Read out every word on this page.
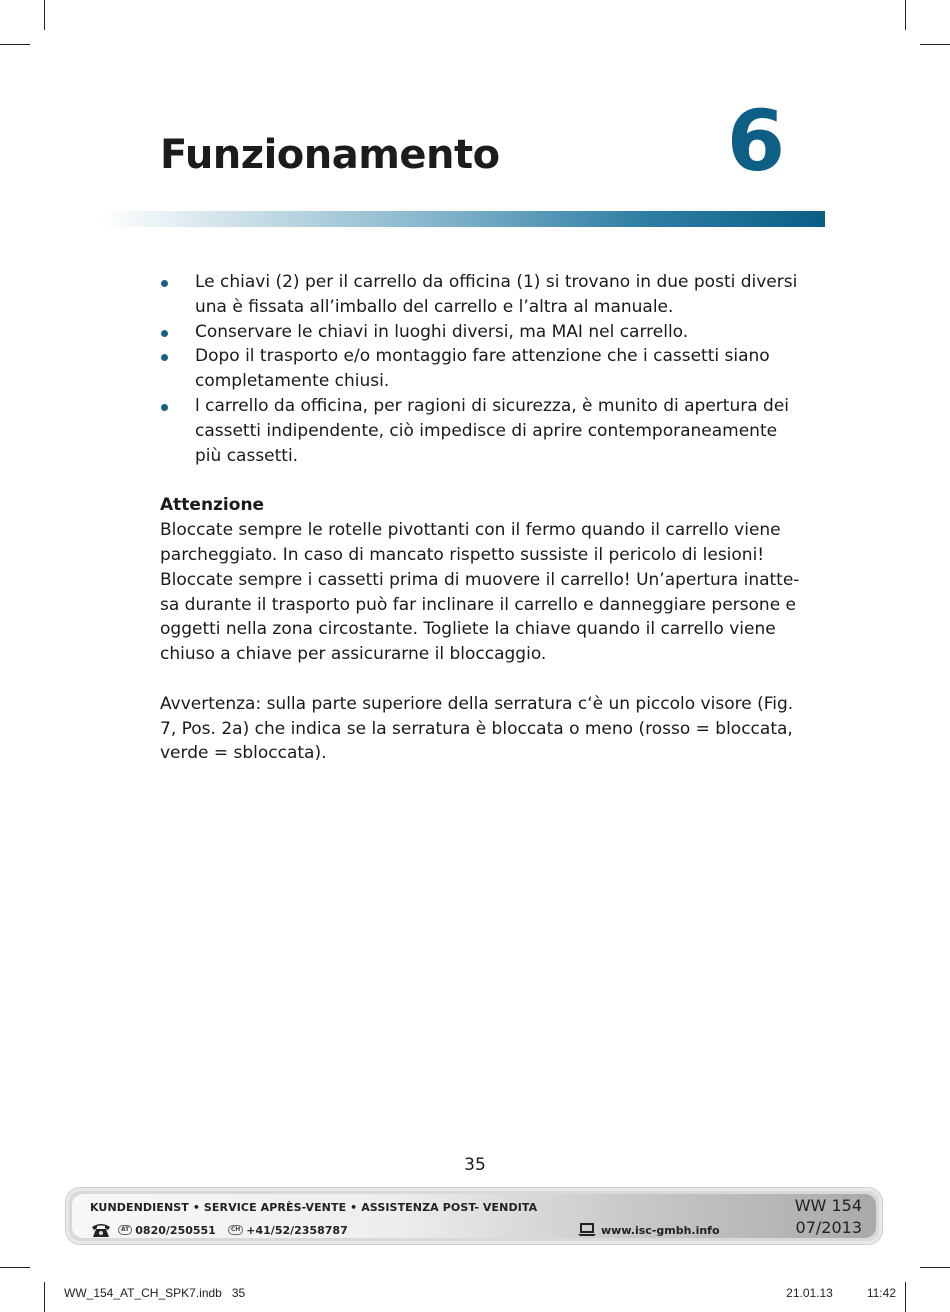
Funzionamento	6
Le chiavi (2) per il carrello da officina (1) si trovano in due posti diversi una è fissata all’imballo del carrello e l’altra al manuale.
Conservare le chiavi in luoghi diversi, ma MAI nel carrello.
Dopo il trasporto e/o montaggio fare attenzione che i cassetti siano completamente chiusi.
l carrello da officina, per ragioni di sicurezza, è munito di apertura dei cassetti indipendente, ciò impedisce di aprire contemporaneamente più cassetti.
Attenzione

Bloccate sempre le rotelle pivottanti con il fermo quando il carrello viene parcheggiato. In caso di mancato rispetto sussiste il pericolo di lesioni! Bloccate sempre i cassetti prima di muovere il carrello! Un’apertura inatte-sa durante il trasporto può far inclinare il carrello e danneggiare persone e oggetti nella zona circostante. Togliete la chiave quando il carrello viene chiuso a chiave per assicurarne il bloccaggio.

Avvertenza: sulla parte superiore della serratura c‘è un piccolo visore (Fig. 7, Pos. 2a) che indica se la serratura è bloccata o meno (rosso = bloccata, verde = sbloccata).

35
KUNDENDIENST • SERVICE APRÈS-VENTE • ASSISTENZA POST- VENDITA
AT 0820/250551	CH +41/52/2358787	www.isc-gmbh.info
WW 154
07/2013
WW_154_AT_CH_SPK7.indb   35	21.01.13   11:42
